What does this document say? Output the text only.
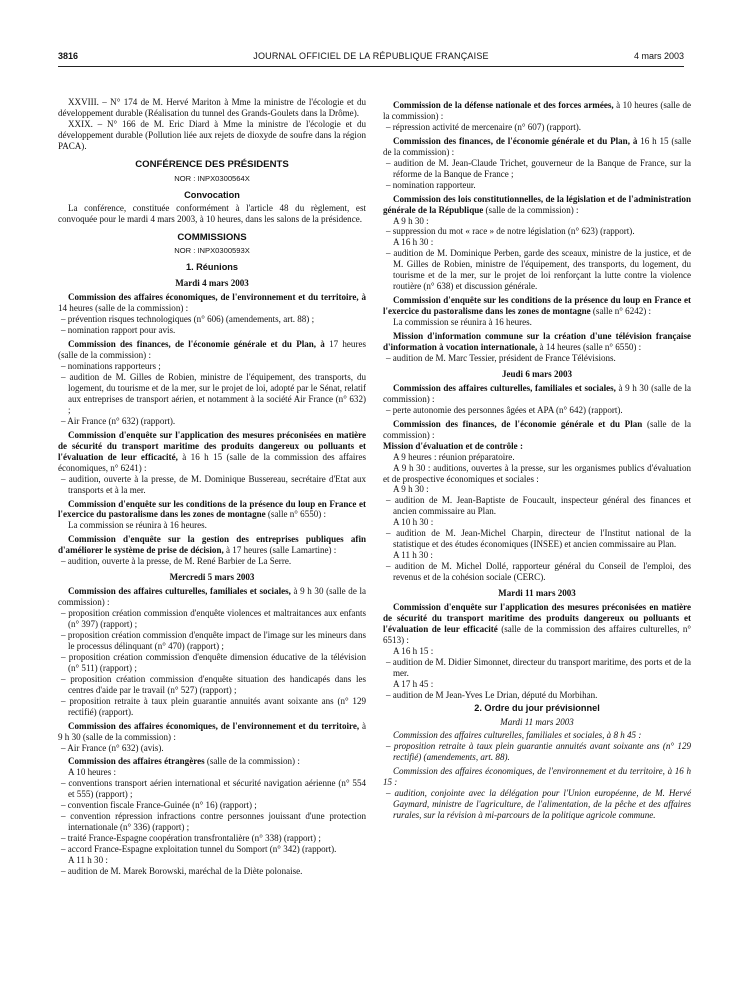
3816	JOURNAL OFFICIEL DE LA RÉPUBLIQUE FRANÇAISE	4 mars 2003

XXVIII. – N° 174 de M. Hervé Mariton à Mme la ministre de l'écologie et du développement durable (Réalisation du tunnel des Grands-Goulets dans la Drôme).

XXIX. – N° 166 de M. Eric Diard à Mme la ministre de l'écologie et du développement durable (Pollution liée aux rejets de dioxyde de soufre dans la région PACA).

CONFÉRENCE DES PRÉSIDENTS

NOR : INPX0300564X

Convocation

La conférence, constituée conformément à l'article 48 du règlement, est convoquée pour le mardi 4 mars 2003, à 10 heures, dans les salons de la présidence.

COMMISSIONS

NOR : INPX0300593X

1. Réunions

Mardi 4 mars 2003

Commission des affaires économiques, de l'environnement et du territoire, à 14 heures (salle de la commission) :

– prévention risques technologiques (n° 606) (amendements, art. 88) ;

– nomination rapport pour avis.

Commission des finances, de l'économie générale et du Plan, à 17 heures (salle de la commission) :

– nominations rapporteurs ;

– audition de M. Gilles de Robien, ministre de l'équipement, des transports, du logement, du tourisme et de la mer, sur le projet de loi, adopté par le Sénat, relatif aux entreprises de transport aérien, et notamment à la société Air France (n° 632) ;

– Air France (n° 632) (rapport).

Commission d'enquête sur l'application des mesures préconisées en matière de sécurité du transport maritime des produits dangereux ou polluants et l'évaluation de leur efficacité, à 16 h 15 (salle de la commission des affaires économiques, n° 6241) :

– audition, ouverte à la presse, de M. Dominique Bussereau, secrétaire d'Etat aux transports et à la mer.

Commission d'enquête sur les conditions de la présence du loup en France et l'exercice du pastoralisme dans les zones de montagne (salle n° 6550) :

La commission se réunira à 16 heures.

Commission d'enquête sur la gestion des entreprises publiques afin d'améliorer le système de prise de décision, à 17 heures (salle Lamartine) :

– audition, ouverte à la presse, de M. René Barbier de La Serre.

Mercredi 5 mars 2003

Commission des affaires culturelles, familiales et sociales, à 9 h 30 (salle de la commission) :

– proposition création commission d'enquête violences et maltraitances aux enfants (n° 397) (rapport) ;

– proposition création commission d'enquête impact de l'image sur les mineurs dans le processus délinquant (n° 470) (rapport) ;

– proposition création commission d'enquête dimension éducative de la télévision (n° 511) (rapport) ;

– proposition création commission d'enquête situation des handicapés dans les centres d'aide par le travail (n° 527) (rapport) ;

– proposition retraite à taux plein guarantie annuités avant soixante ans (n° 129 rectifié) (rapport).

Commission des affaires économiques, de l'environnement et du territoire, à 9 h 30 (salle de la commission) :

– Air France (n° 632) (avis).

Commission des affaires étrangères (salle de la commission) :

A 10 heures :

– conventions transport aérien international et sécurité navigation aérienne (n° 554 et 555) (rapport) ;

– convention fiscale France-Guinée (n° 16) (rapport) ;

– convention répression infractions contre personnes jouissant d'une protection internationale (n° 336) (rapport) ;

– traité France-Espagne coopération transfrontalière (n° 338) (rapport) ;

– accord France-Espagne exploitation tunnel du Somport (n° 342) (rapport).

A 11 h 30 :

– audition de M. Marek Borowski, maréchal de la Diète polonaise.

Commission de la défense nationale et des forces armées, à 10 heures (salle de la commission) :

– répression activité de mercenaire (n° 607) (rapport).

Commission des finances, de l'économie générale et du Plan, à 16 h 15 (salle de la commission) :

– audition de M. Jean-Claude Trichet, gouverneur de la Banque de France, sur la réforme de la Banque de France ;

– nomination rapporteur.

Commission des lois constitutionnelles, de la législation et de l'administration générale de la République (salle de la commission) :

A 9 h 30 :

– suppression du mot « race » de notre législation (n° 623) (rapport).

A 16 h 30 :

– audition de M. Dominique Perben, garde des sceaux, ministre de la justice, et de M. Gilles de Robien, ministre de l'équipement, des transports, du logement, du tourisme et de la mer, sur le projet de loi renforçant la lutte contre la violence routière (n° 638) et discussion générale.

Commission d'enquête sur les conditions de la présence du loup en France et l'exercice du pastoralisme dans les zones de montagne (salle n° 6242) :

La commission se réunira à 16 heures.

Mission d'information commune sur la création d'une télévision française d'information à vocation internationale, à 14 heures (salle n° 6550) :

– audition de M. Marc Tessier, président de France Télévisions.

Jeudi 6 mars 2003

Commission des affaires culturelles, familiales et sociales, à 9 h 30 (salle de la commission) :

– perte autonomie des personnes âgées et APA (n° 642) (rapport).

Commission des finances, de l'économie générale et du Plan (salle de la commission) :

Mission d'évaluation et de contrôle :

A 9 heures : réunion préparatoire.

A 9 h 30 : auditions, ouvertes à la presse, sur les organismes publics d'évaluation et de prospective économiques et sociales :

A 9 h 30 :

– audition de M. Jean-Baptiste de Foucault, inspecteur général des finances et ancien commissaire au Plan.

A 10 h 30 :

– audition de M. Jean-Michel Charpin, directeur de l'Institut national de la statistique et des études économiques (INSEE) et ancien commissaire au Plan.

A 11 h 30 :

– audition de M. Michel Dollé, rapporteur général du Conseil de l'emploi, des revenus et de la cohésion sociale (CERC).

Mardi 11 mars 2003

Commission d'enquête sur l'application des mesures préconisées en matière de sécurité du transport maritime des produits dangereux ou polluants et l'évaluation de leur efficacité (salle de la commission des affaires culturelles, n° 6513) :

A 16 h 15 :

– audition de M. Didier Simonnet, directeur du transport maritime, des ports et de la mer.

A 17 h 45 :

– audition de M Jean-Yves Le Drian, député du Morbihan.

2. Ordre du jour prévisionnel

Mardi 11 mars 2003

Commission des affaires culturelles, familiales et sociales, à 8 h 45 :

– proposition retraite à taux plein guarantie annuités avant soixante ans (n° 129 rectifié) (amendements, art. 88).

Commission des affaires économiques, de l'environnement et du territoire, à 16 h 15 :

– audition, conjointe avec la délégation pour l'Union européenne, de M. Hervé Gaymard, ministre de l'agriculture, de l'alimentation, de la pêche et des affaires rurales, sur la révision à mi-parcours de la politique agricole commune.
